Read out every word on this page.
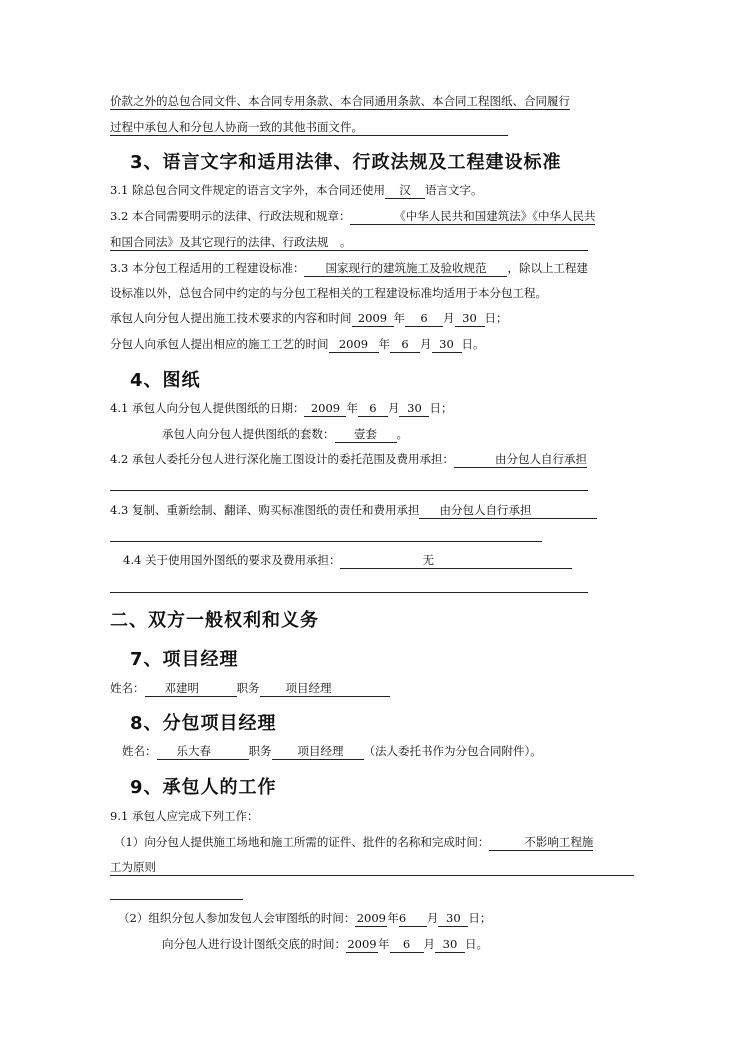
价款之外的总包合同文件、本合同专用条款、本合同通用条款、本合同工程图纸、合同履行
过程中承包人和分包人协商一致的其他书面文件。
3、语言文字和适用法律、行政法规及工程建设标准
3.1 除总包合同文件规定的语言文字外，本合同还使用 汉 语言文字。
3.2 本合同需要明示的法律、行政法规和规章：	《中华人民共和国建筑法》《中华人民共
和国合同法》及其它现行的法律、行政法规　。
3.3 本分包工程适用的工程建设标准： 国家现行的建筑施工及验收规范 ，除以上工程建
设标准以外，总包合同中约定的与分包工程相关的工程建设标准均适用于本分包工程。
承包人向分包人提出施工技术要求的内容和时间 2009 年 6 月 30 日；
分包人向承包人提出相应的施工工艺的时间 2009 年 6 月 30 日。
4、图纸
4.1 承包人向分包人提供图纸的日期： 2009 年 6 月 30 日；
承包人向分包人提供图纸的套数： 壹套 。
4.2 承包人委托分包人进行深化施工图设计的委托范围及费用承担：	由分包人自行承担
4.3 复制、重新绘制、翻译、购买标准图纸的责任和费用承担 由分包人自行承担
4.4 关于使用国外图纸的要求及费用承担：	无
二、双方一般权利和义务
7、项目经理
姓名： 邓建明	职务 项目经理
8、分包项目经理
姓名： 乐大春	职务 项目经理 （法人委托书作为分包合同附件）。
9、承包人的工作
9.1 承包人应完成下列工作：
（1）向分包人提供施工场地和施工所需的证件、批件的名称和完成时间：	不影响工程施
工为原则
（2）组织分包人参加发包人会审图纸的时间：2009年6 月 30 日；
向分包人进行设计图纸交底的时间：2009年 6 月 30 日。
